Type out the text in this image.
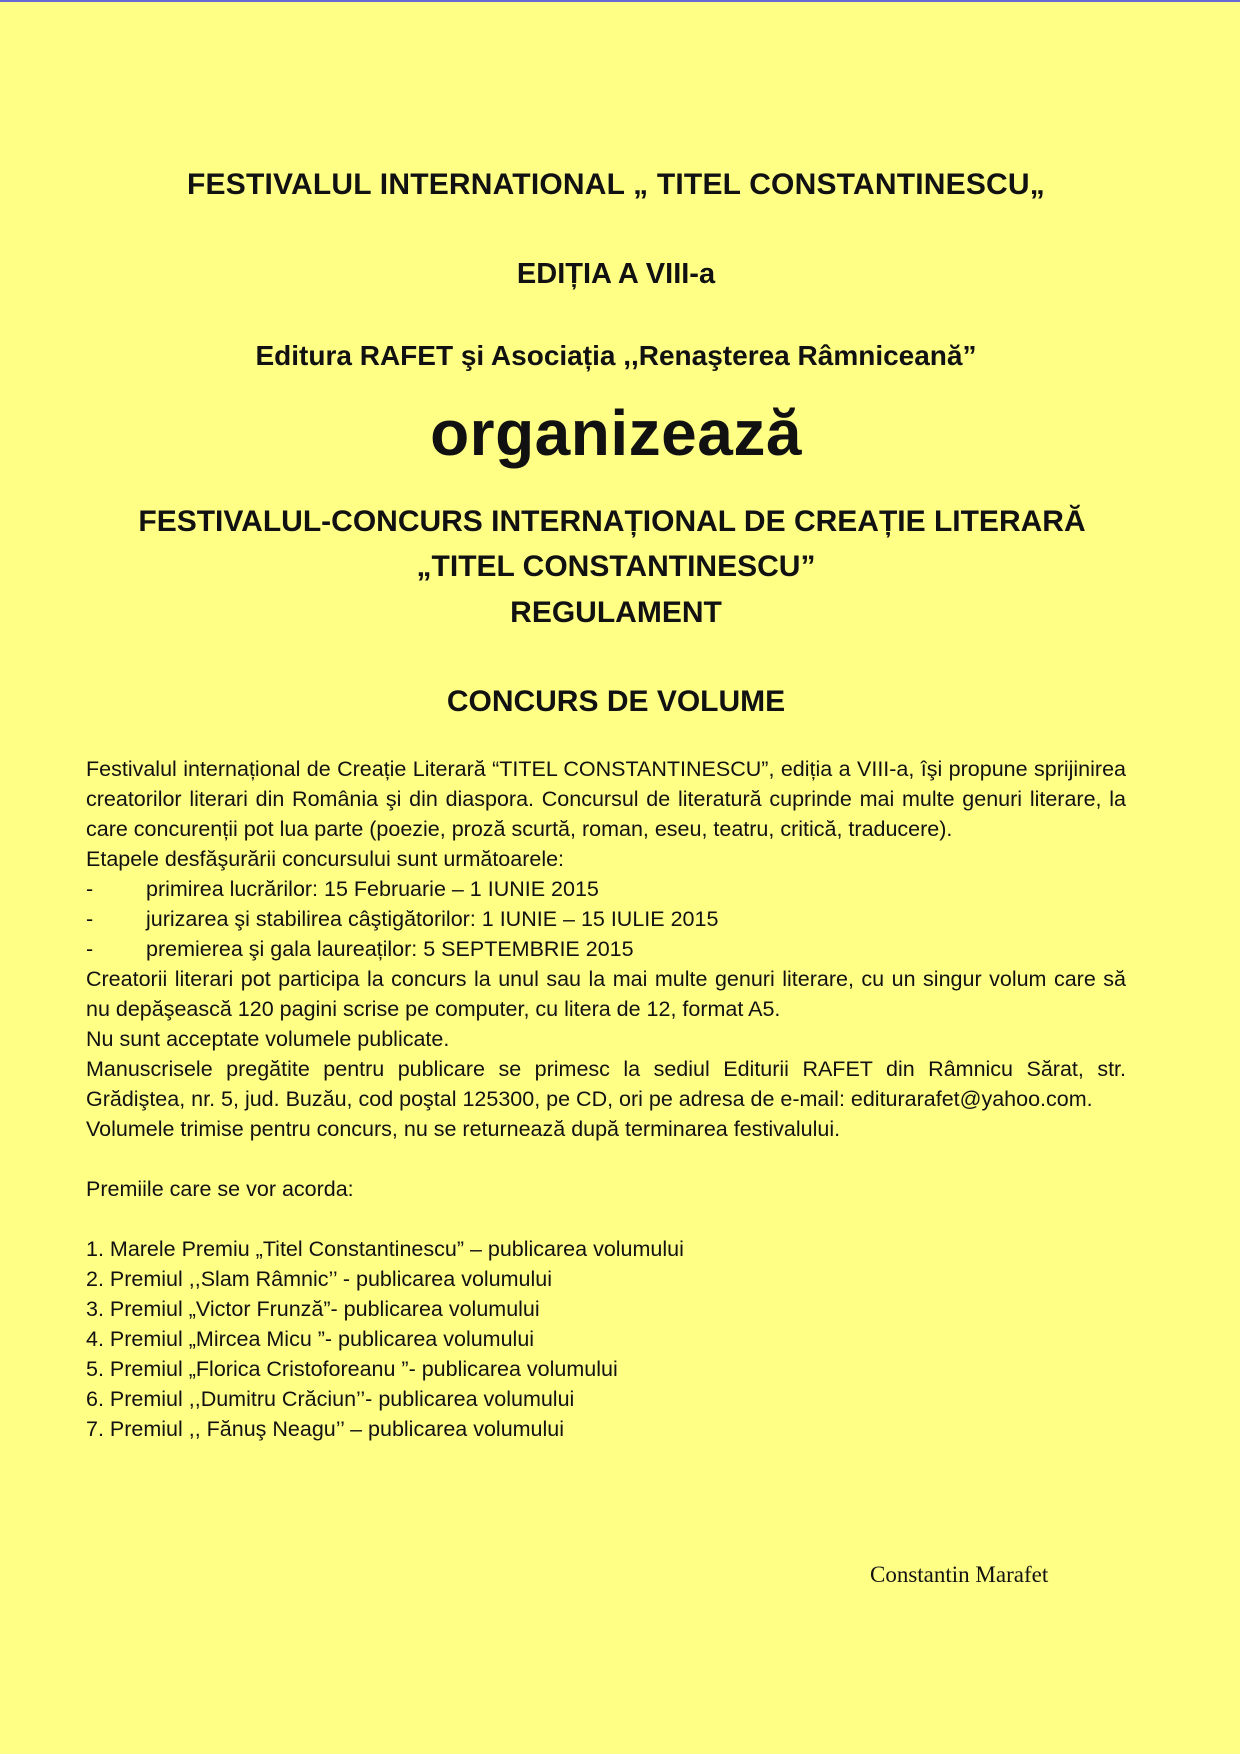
FESTIVALUL INTERNATIONAL „ TITEL CONSTANTINESCU„
EDIȚIA A VIII-a
Editura RAFET şi Asociația ,,Renaşterea Râmniceană”
organizează
FESTIVALUL-CONCURS INTERNAȚIONAL DE CREAȚIE LITERARĂ
„TITEL CONSTANTINESCU”
REGULAMENT
CONCURS DE VOLUME

Festivalul internațional de Creație Literară “TITEL CONSTANTINESCU”, ediția a VIII-a, îşi propune sprijinirea creatorilor literari din România şi din diaspora. Concursul de literatură cuprinde mai multe genuri literare, la care concurenții pot lua parte (poezie, proză scurtă, roman, eseu, teatru, critică, traducere).

Etapele desfăşurării concursului sunt următoarele:

- primirea lucrărilor: 15 Februarie – 1 IUNIE 2015

- jurizarea şi stabilirea câştigătorilor: 1 IUNIE – 15 IULIE 2015

- premierea şi gala laureaților: 5 SEPTEMBRIE 2015

Creatorii literari pot participa la concurs la unul sau la mai multe genuri literare, cu un singur volum care să nu depăşească 120 pagini scrise pe computer, cu litera de 12, format A5.

Nu sunt acceptate volumele publicate.

Manuscrisele pregătite pentru publicare se primesc la sediul Editurii RAFET din Râmnicu Sărat, str. Grădiştea, nr. 5, jud. Buzău, cod poştal 125300, pe CD, ori pe adresa de e-mail: editurarafet@yahoo.com.

Volumele trimise pentru concurs, nu se returnează după terminarea festivalului.

Premiile care se vor acorda:

1. Marele Premiu „Titel Constantinescu” – publicarea volumului

2. Premiul ,,Slam Râmnic’’ - publicarea volumului

3. Premiul „Victor Frunză”- publicarea volumului

4. Premiul „Mircea Micu ”- publicarea volumului

5. Premiul „Florica Cristoforeanu ”- publicarea volumului

6. Premiul ,,Dumitru Crăciun’’- publicarea volumului

7. Premiul ,, Fănuş Neagu’’ – publicarea volumului

Constantin Marafet
